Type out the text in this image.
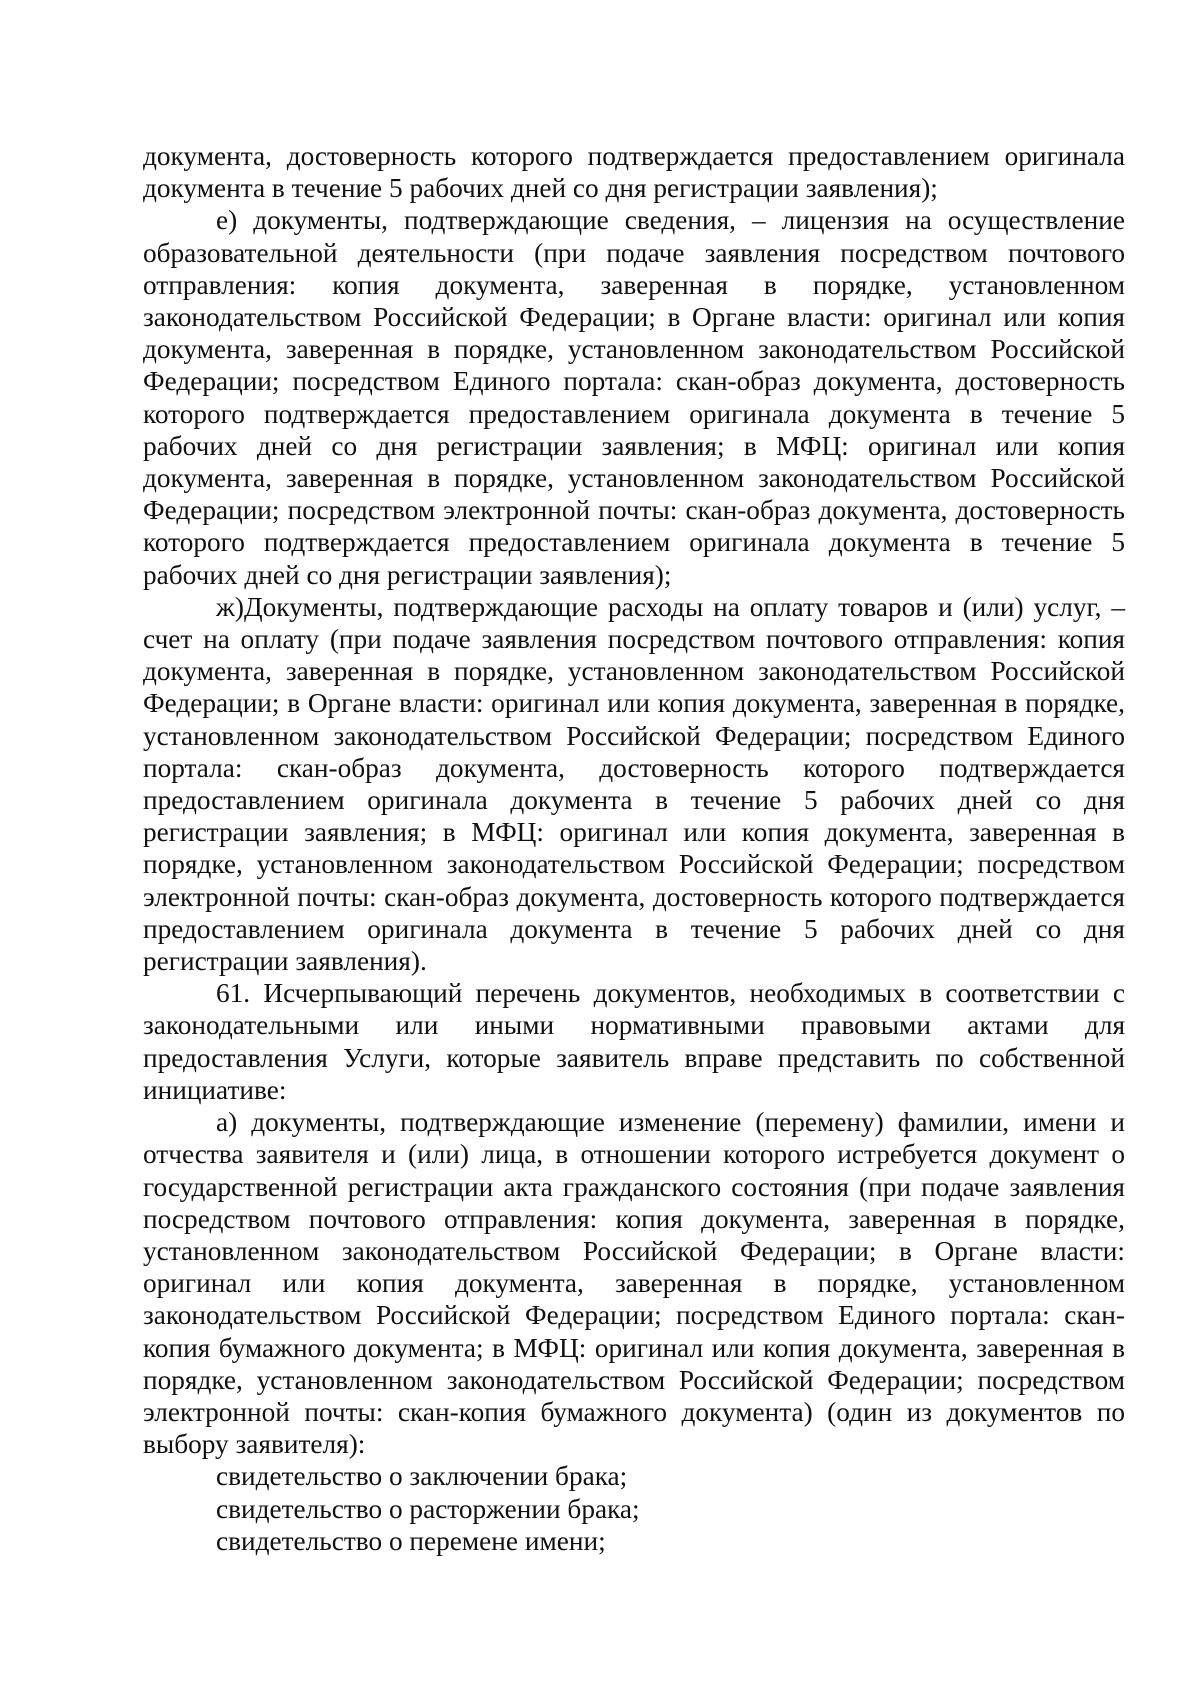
документа, достоверность которого подтверждается предоставлением оригинала документа в течение 5 рабочих дней со дня регистрации заявления);

е) документы, подтверждающие сведения, – лицензия на осуществление образовательной деятельности (при подаче заявления посредством почтового отправления: копия документа, заверенная в порядке, установленном законодательством Российской Федерации; в Органе власти: оригинал или копия документа, заверенная в порядке, установленном законодательством Российской Федерации; посредством Единого портала: скан-образ документа, достоверность которого подтверждается предоставлением оригинала документа в течение 5 рабочих дней со дня регистрации заявления; в МФЦ: оригинал или копия документа, заверенная в порядке, установленном законодательством Российской Федерации; посредством электронной почты: скан-образ документа, достоверность которого подтверждается предоставлением оригинала документа в течение 5 рабочих дней со дня регистрации заявления);

ж)Документы, подтверждающие расходы на оплату товаров и (или) услуг, – счет на оплату (при подаче заявления посредством почтового отправления: копия документа, заверенная в порядке, установленном законодательством Российской Федерации; в Органе власти: оригинал или копия документа, заверенная в порядке, установленном законодательством Российской Федерации; посредством Единого портала: скан-образ документа, достоверность которого подтверждается предоставлением оригинала документа в течение 5 рабочих дней со дня регистрации заявления; в МФЦ: оригинал или копия документа, заверенная в порядке, установленном законодательством Российской Федерации; посредством электронной почты: скан-образ документа, достоверность которого подтверждается предоставлением оригинала документа в течение 5 рабочих дней со дня регистрации заявления).

61. Исчерпывающий перечень документов, необходимых в соответствии с законодательными или иными нормативными правовыми актами для предоставления Услуги, которые заявитель вправе представить по собственной инициативе:

а) документы, подтверждающие изменение (перемену) фамилии, имени и отчества заявителя и (или) лица, в отношении которого истребуется документ о государственной регистрации акта гражданского состояния (при подаче заявления посредством почтового отправления: копия документа, заверенная в порядке, установленном законодательством Российской Федерации; в Органе власти: оригинал или копия документа, заверенная в порядке, установленном законодательством Российской Федерации; посредством Единого портала: скан-копия бумажного документа; в МФЦ: оригинал или копия документа, заверенная в порядке, установленном законодательством Российской Федерации; посредством электронной почты: скан-копия бумажного документа) (один из документов по выбору заявителя):

свидетельство о заключении брака;

свидетельство о расторжении брака;

свидетельство о перемене имени;
